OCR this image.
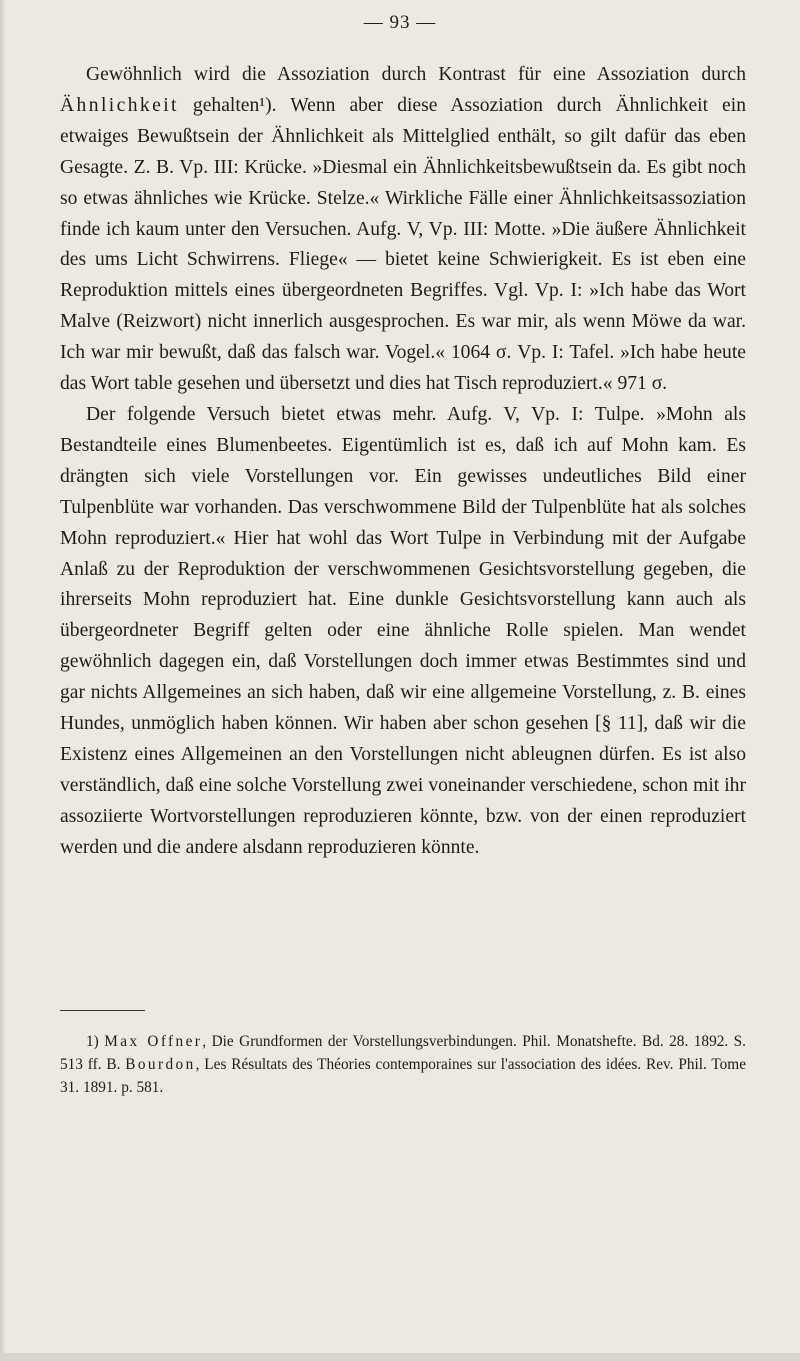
— 93 —

Gewöhnlich wird die Assoziation durch Kontrast für eine Assoziation durch Ähnlichkeit gehalten¹). Wenn aber diese Assoziation durch Ähnlichkeit ein etwaiges Bewußtsein der Ähnlichkeit als Mittelglied enthält, so gilt dafür das eben Gesagte. Z. B. Vp. III: Krücke. »Diesmal ein Ähnlichkeitsbewußtsein da. Es gibt noch so etwas ähnliches wie Krücke. Stelze.« Wirkliche Fälle einer Ähnlichkeitsassoziation finde ich kaum unter den Versuchen. Aufg. V, Vp. III: Motte. »Die äußere Ähnlichkeit des ums Licht Schwirrens. Fliege« — bietet keine Schwierigkeit. Es ist eben eine Reproduktion mittels eines übergeordneten Begriffes. Vgl. Vp. I: »Ich habe das Wort Malve (Reizwort) nicht innerlich ausgesprochen. Es war mir, als wenn Möwe da war. Ich war mir bewußt, daß das falsch war. Vogel.« 1064 σ. Vp. I: Tafel. »Ich habe heute das Wort table gesehen und übersetzt und dies hat Tisch reproduziert.« 971 σ.

Der folgende Versuch bietet etwas mehr. Aufg. V, Vp. I: Tulpe. »Mohn als Bestandteile eines Blumenbeetes. Eigentümlich ist es, daß ich auf Mohn kam. Es drängten sich viele Vorstellungen vor. Ein gewisses undeutliches Bild einer Tulpenblüte war vorhanden. Das verschwommene Bild der Tulpenblüte hat als solches Mohn reproduziert.« Hier hat wohl das Wort Tulpe in Verbindung mit der Aufgabe Anlaß zu der Reproduktion der verschwommenen Gesichtsvorstellung gegeben, die ihrerseits Mohn reproduziert hat. Eine dunkle Gesichtsvorstellung kann auch als übergeordneter Begriff gelten oder eine ähnliche Rolle spielen. Man wendet gewöhnlich dagegen ein, daß Vorstellungen doch immer etwas Bestimmtes sind und gar nichts Allgemeines an sich haben, daß wir eine allgemeine Vorstellung, z. B. eines Hundes, unmöglich haben können. Wir haben aber schon gesehen [§ 11], daß wir die Existenz eines Allgemeinen an den Vorstellungen nicht ableugnen dürfen. Es ist also verständlich, daß eine solche Vorstellung zwei voneinander verschiedene, schon mit ihr assoziierte Wortvorstellungen reproduzieren könnte, bzw. von der einen reproduziert werden und die andere alsdann reproduzieren könnte.

1) Max Offner, Die Grundformen der Vorstellungsverbindungen. Phil. Monatshefte. Bd. 28. 1892. S. 513 ff. B. Bourdon, Les Résultats des Théories contemporaines sur l'association des idées. Rev. Phil. Tome 31. 1891. p. 581.
